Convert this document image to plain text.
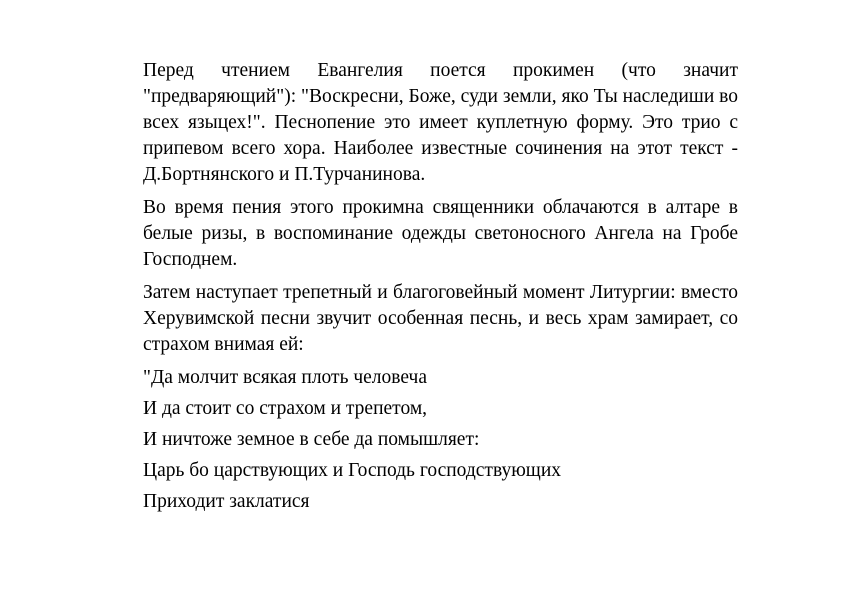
Перед чтением Евангелия поется прокимен (что значит "предваряющий"): "Воскресни, Боже, суди земли, яко Ты наследиши во всех языцех!". Песнопение это имеет куплетную форму. Это трио с припевом всего хора. Наиболее известные сочинения на этот текст - Д.Бортнянского и П.Турчанинова.

Во время пения этого прокимна священники облачаются в алтаре в белые ризы, в воспоминание одежды светоносного Ангела на Гробе Господнем.

Затем наступает трепетный и благоговейный момент Литургии: вместо Херувимской песни звучит особенная песнь, и весь храм замирает, со страхом внимая ей:

"Да молчит всякая плоть человеча

И да стоит со страхом и трепетом,

И ничтоже земное в себе да помышляет:

Царь бо царствующих и Господь господствующих

Приходит заклатися
